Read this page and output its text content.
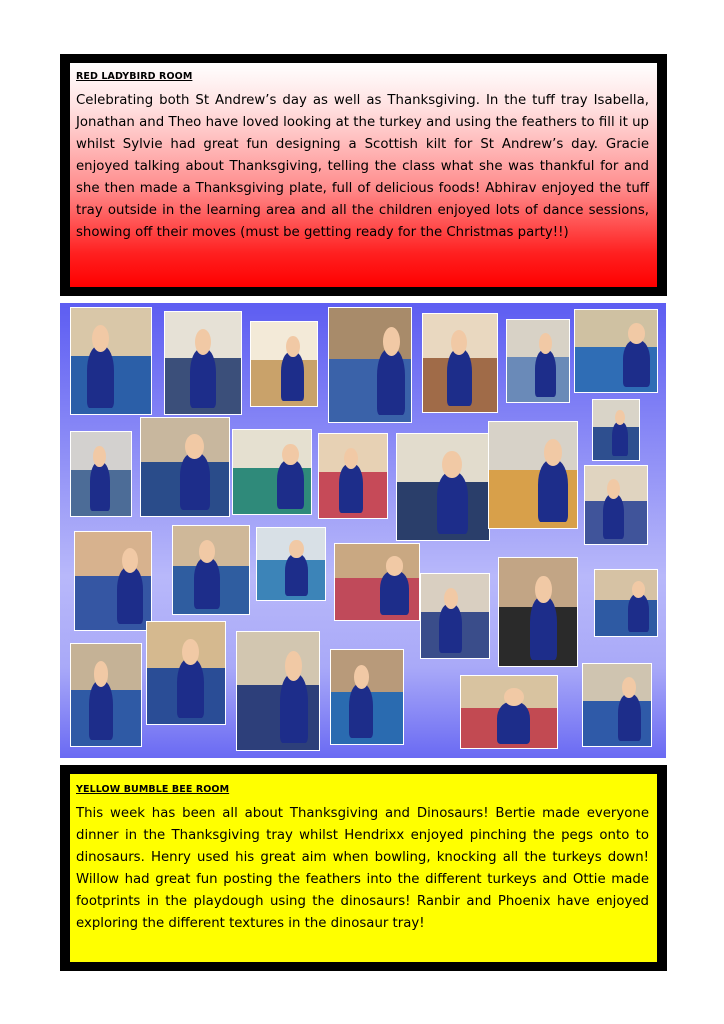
RED LADYBIRD ROOM

Celebrating both St Andrew’s day as well as Thanksgiving. In the tuff tray Isabella, Jonathan and Theo have loved looking at the turkey and using the feathers to fill it up whilst Sylvie had great fun designing a Scottish kilt for St Andrew’s day. Gracie enjoyed talking about Thanksgiving, telling the class what she was thankful for and she then made a Thanksgiving plate, full of delicious foods! Abhirav enjoyed the tuff tray outside in the learning area and all the children enjoyed lots of dance sessions, showing off their moves (must be getting ready for the Christmas party!!)

YELLOW BUMBLE BEE ROOM

This week has been all about Thanksgiving and Dinosaurs! Bertie made everyone dinner in the Thanksgiving tray whilst Hendrixx enjoyed pinching the pegs onto to dinosaurs. Henry used his great aim when bowling, knocking all the turkeys down! Willow had great fun posting the feathers into the different turkeys and Ottie made footprints in the playdough using the dinosaurs! Ranbir and Phoenix have enjoyed exploring the different textures in the dinosaur tray!
